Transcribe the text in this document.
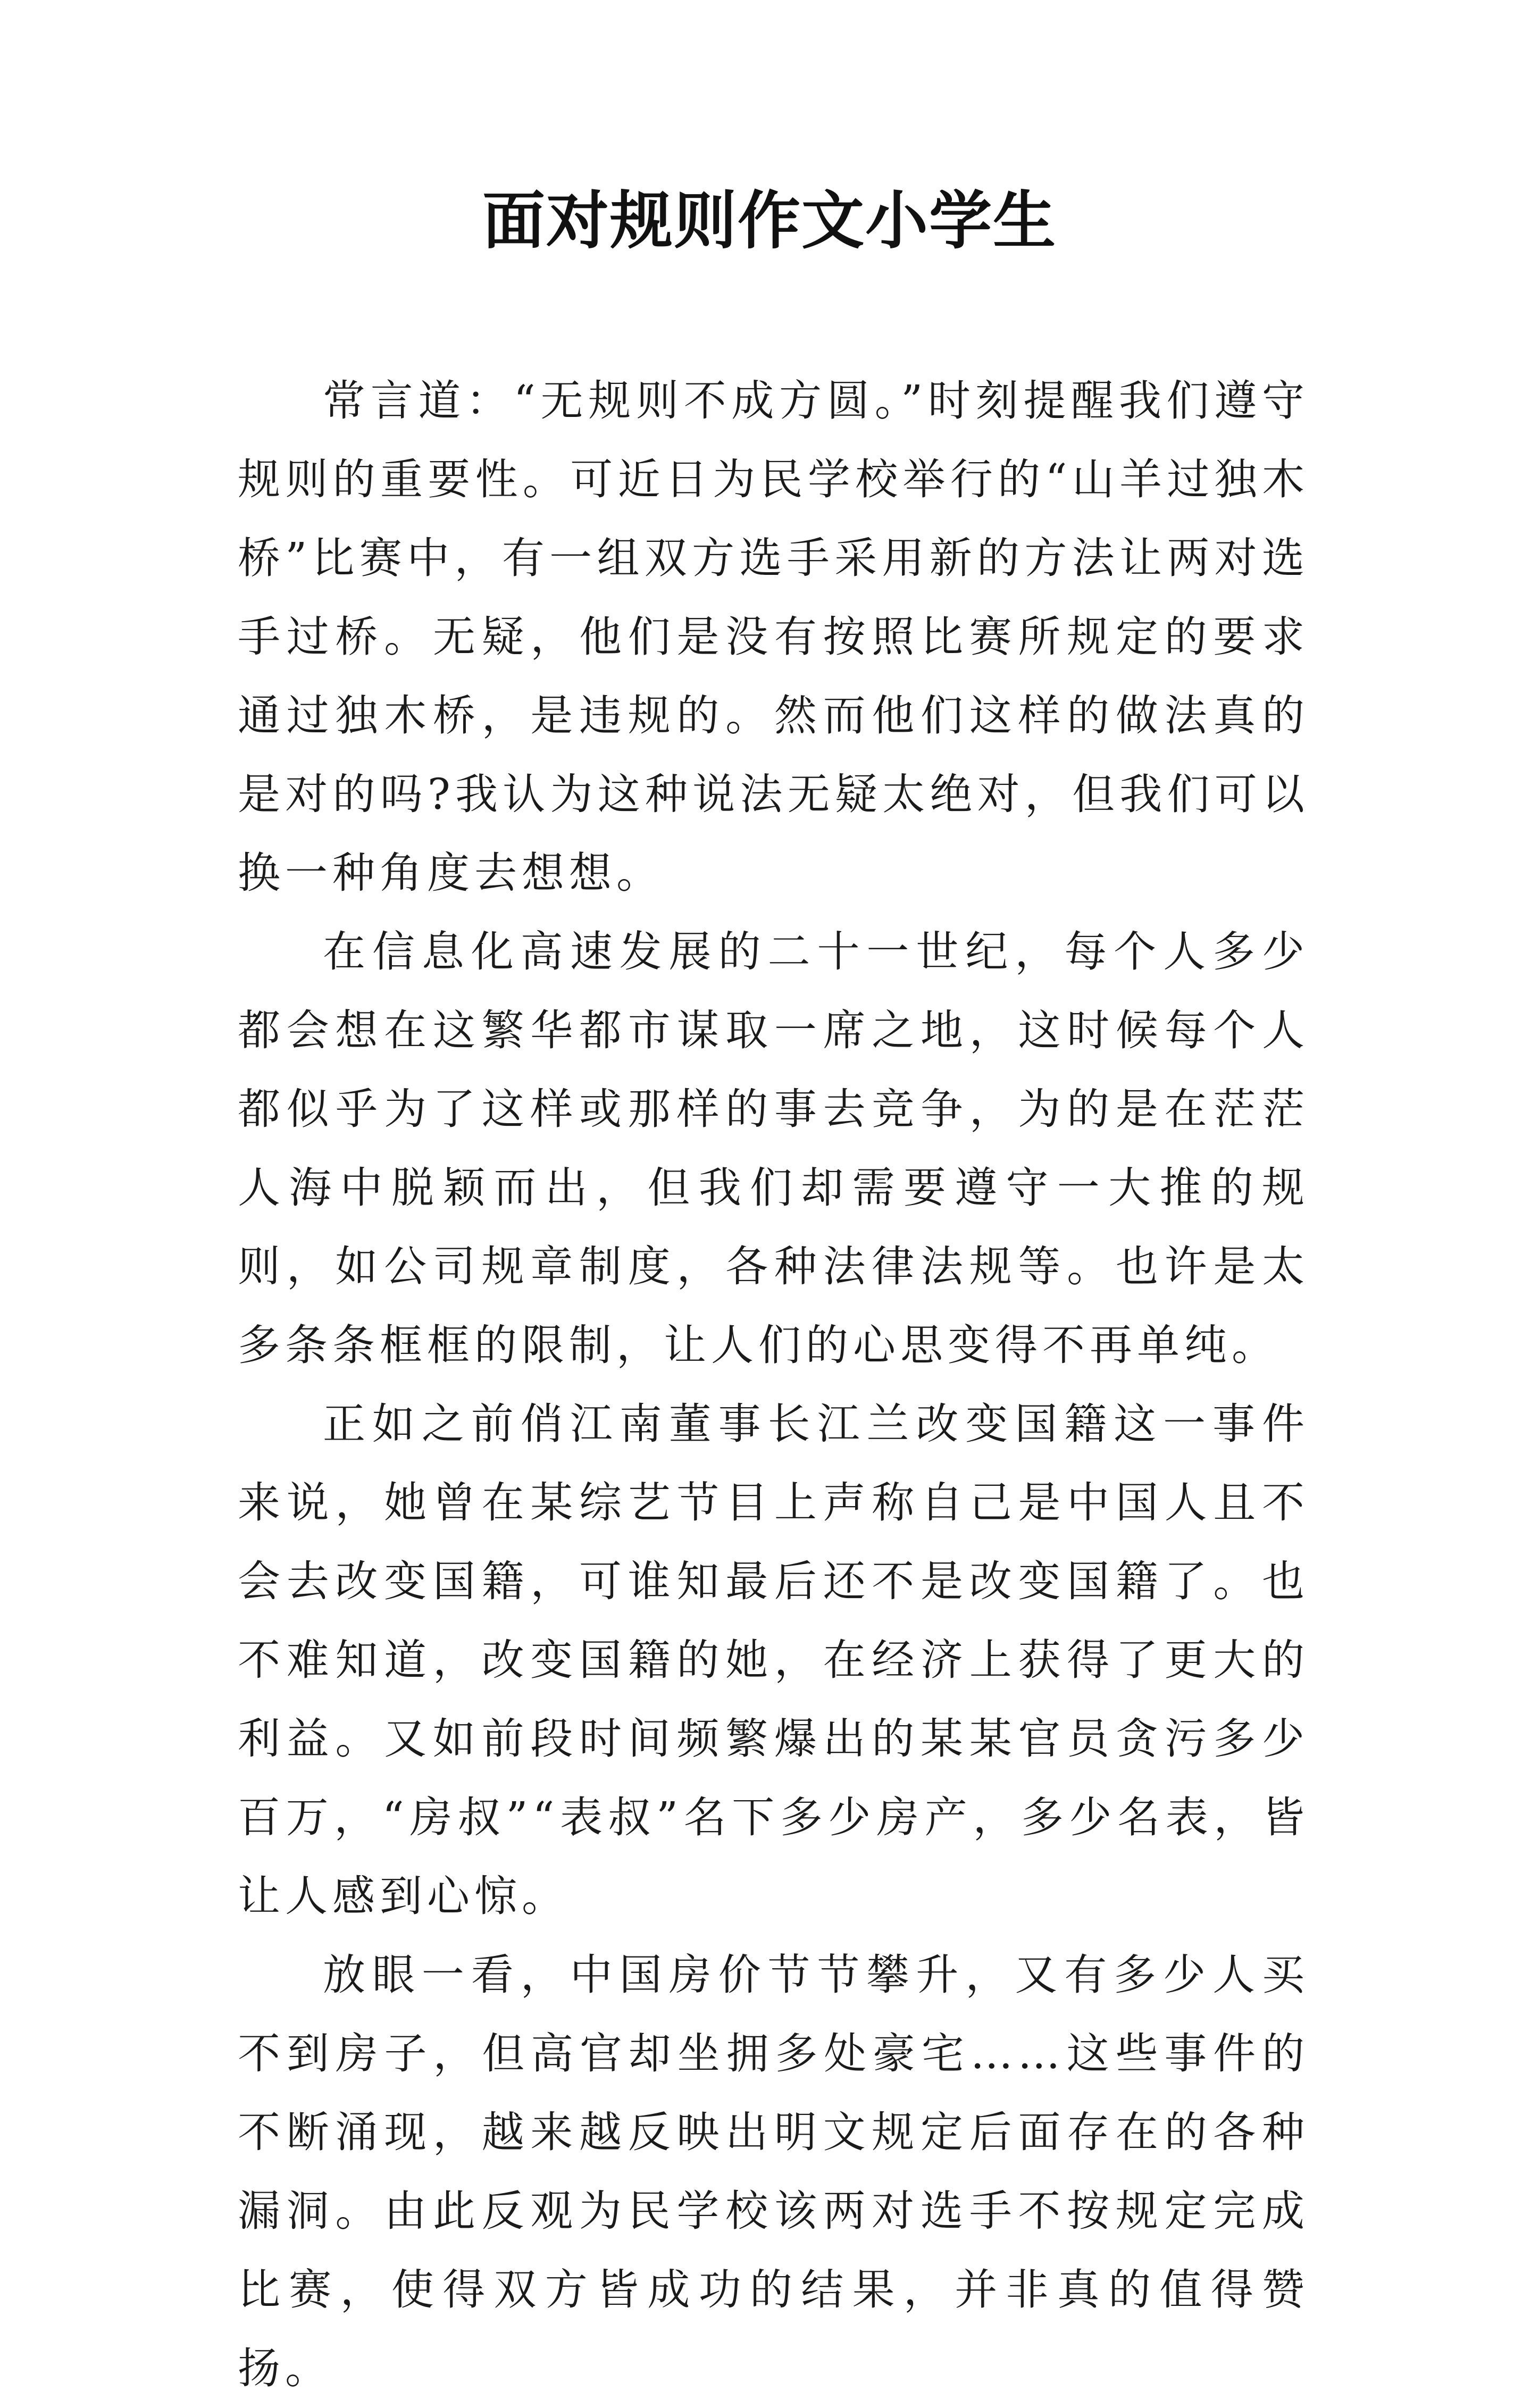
面对规则作文小学生

常言道：“无规则不成方圆。”时刻提醒我们遵守规则的重要性。可近日为民学校举行的“山羊过独木桥”比赛中，有一组双方选手采用新的方法让两对选手过桥。无疑，他们是没有按照比赛所规定的要求通过独木桥，是违规的。然而他们这样的做法真的是对的吗?我认为这种说法无疑太绝对，但我们可以换一种角度去想想。

在信息化高速发展的二十一世纪，每个人多少都会想在这繁华都市谋取一席之地，这时候每个人都似乎为了这样或那样的事去竞争，为的是在茫茫人海中脱颖而出，但我们却需要遵守一大推的规则，如公司规章制度，各种法律法规等。也许是太多条条框框的限制，让人们的心思变得不再单纯。

正如之前俏江南董事长江兰改变国籍这一事件来说，她曾在某综艺节目上声称自己是中国人且不会去改变国籍，可谁知最后还不是改变国籍了。也不难知道，改变国籍的她，在经济上获得了更大的利益。又如前段时间频繁爆出的某某官员贪污多少百万，“房叔”“表叔”名下多少房产，多少名表，皆让人感到心惊。

放眼一看，中国房价节节攀升，又有多少人买不到房子，但高官却坐拥多处豪宅……这些事件的不断涌现，越来越反映出明文规定后面存在的各种漏洞。由此反观为民学校该两对选手不按规定完成比赛，使得双方皆成功的结果，并非真的值得赞扬。
